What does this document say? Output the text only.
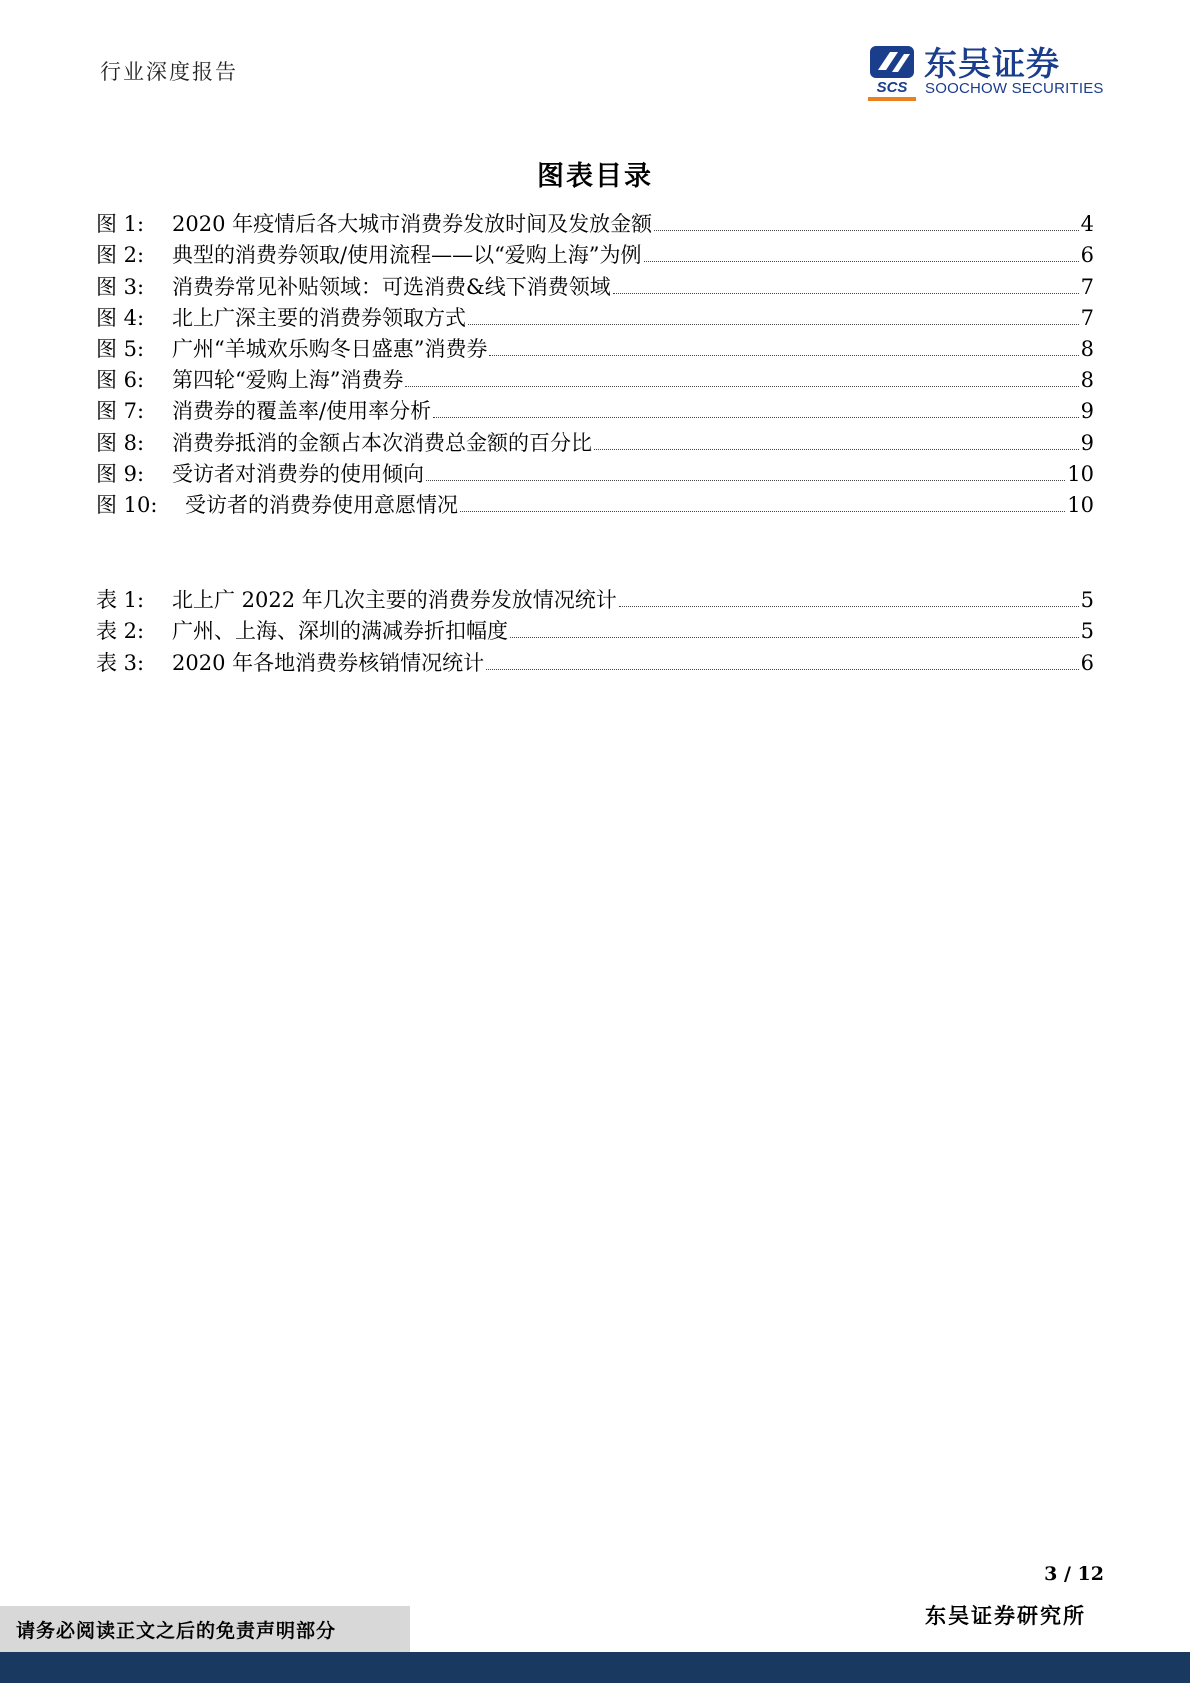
行业深度报告	东吴证券
SOOCHOW SECURITIES
SCS
图表目录
图 1:	2020 年疫情后各大城市消费券发放时间及发放金额	4
图 2:	典型的消费券领取/使用流程——以“爱购上海”为例	6
图 3:	消费券常见补贴领域：可选消费&线下消费领域	7
图 4:	北上广深主要的消费券领取方式	7
图 5:	广州“羊城欢乐购冬日盛惠”消费券	8
图 6:	第四轮“爱购上海”消费券	8
图 7:	消费券的覆盖率/使用率分析	9
图 8:	消费券抵消的金额占本次消费总金额的百分比	9
图 9:	受访者对消费券的使用倾向	10
图 10:	受访者的消费券使用意愿情况	10
表 1:	北上广 2022 年几次主要的消费券发放情况统计	5
表 2:	广州、上海、深圳的满减券折扣幅度	5
表 3:	2020 年各地消费券核销情况统计	6
3 / 12
请务必阅读正文之后的免责声明部分
东吴证券研究所
